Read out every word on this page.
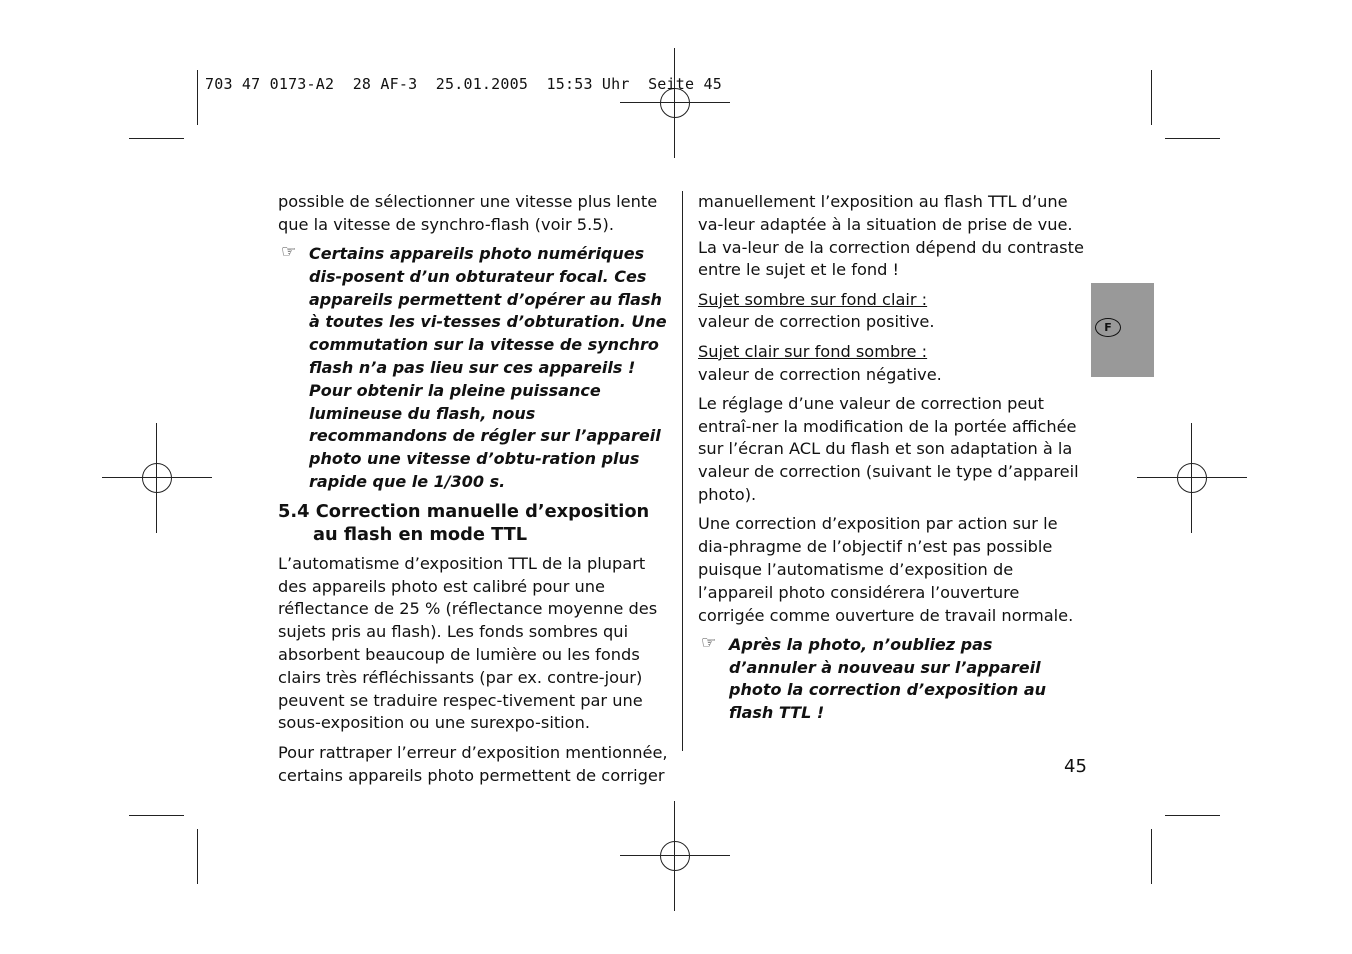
703 47 0173-A2  28 AF-3  25.01.2005  15:53 Uhr  Seite 45

possible de sélectionner une vitesse plus lente que la vitesse de synchro-flash (voir 5.5).

☞ Certains appareils photo numériques dis-posent d’un obturateur focal. Ces appareils permettent d’opérer au flash à toutes les vi-tesses d’obturation. Une commutation sur la vitesse de synchro flash n’a pas lieu sur ces appareils ! Pour obtenir la pleine puissance lumineuse du flash, nous recommandons de régler sur l’appareil photo une vitesse d’obtu-ration plus rapide que le 1/300 s.
5.4 Correction manuelle d’exposition
au flash en mode TTL

L’automatisme d’exposition TTL de la plupart des appareils photo est calibré pour une réflectance de 25 % (réflectance moyenne des sujets pris au flash). Les fonds sombres qui absorbent beaucoup de lumière ou les fonds clairs très réfléchissants (par ex. contre-jour) peuvent se traduire respec-tivement par une sous-exposition ou une surexpo-sition.

Pour rattraper l’erreur d’exposition mentionnée, certains appareils photo permettent de corriger

manuellement l’exposition au flash TTL d’une va-leur adaptée à la situation de prise de vue. La va-leur de la correction dépend du contraste entre le sujet et le fond !

Sujet sombre sur fond clair :
valeur de correction positive.

Sujet clair sur fond sombre :
valeur de correction négative.

Le réglage d’une valeur de correction peut entraî-ner la modification de la portée affichée sur l’écran ACL du flash et son adaptation à la valeur de correction (suivant le type d’appareil photo).

Une correction d’exposition par action sur le dia-phragme de l’objectif n’est pas possible puisque l’automatisme d’exposition de l’appareil photo considérera l’ouverture corrigée comme ouverture de travail normale.

☞ Après la photo, n’oubliez pas d’annuler à nouveau sur l’appareil photo la correction d’exposition au flash TTL !
F
45
